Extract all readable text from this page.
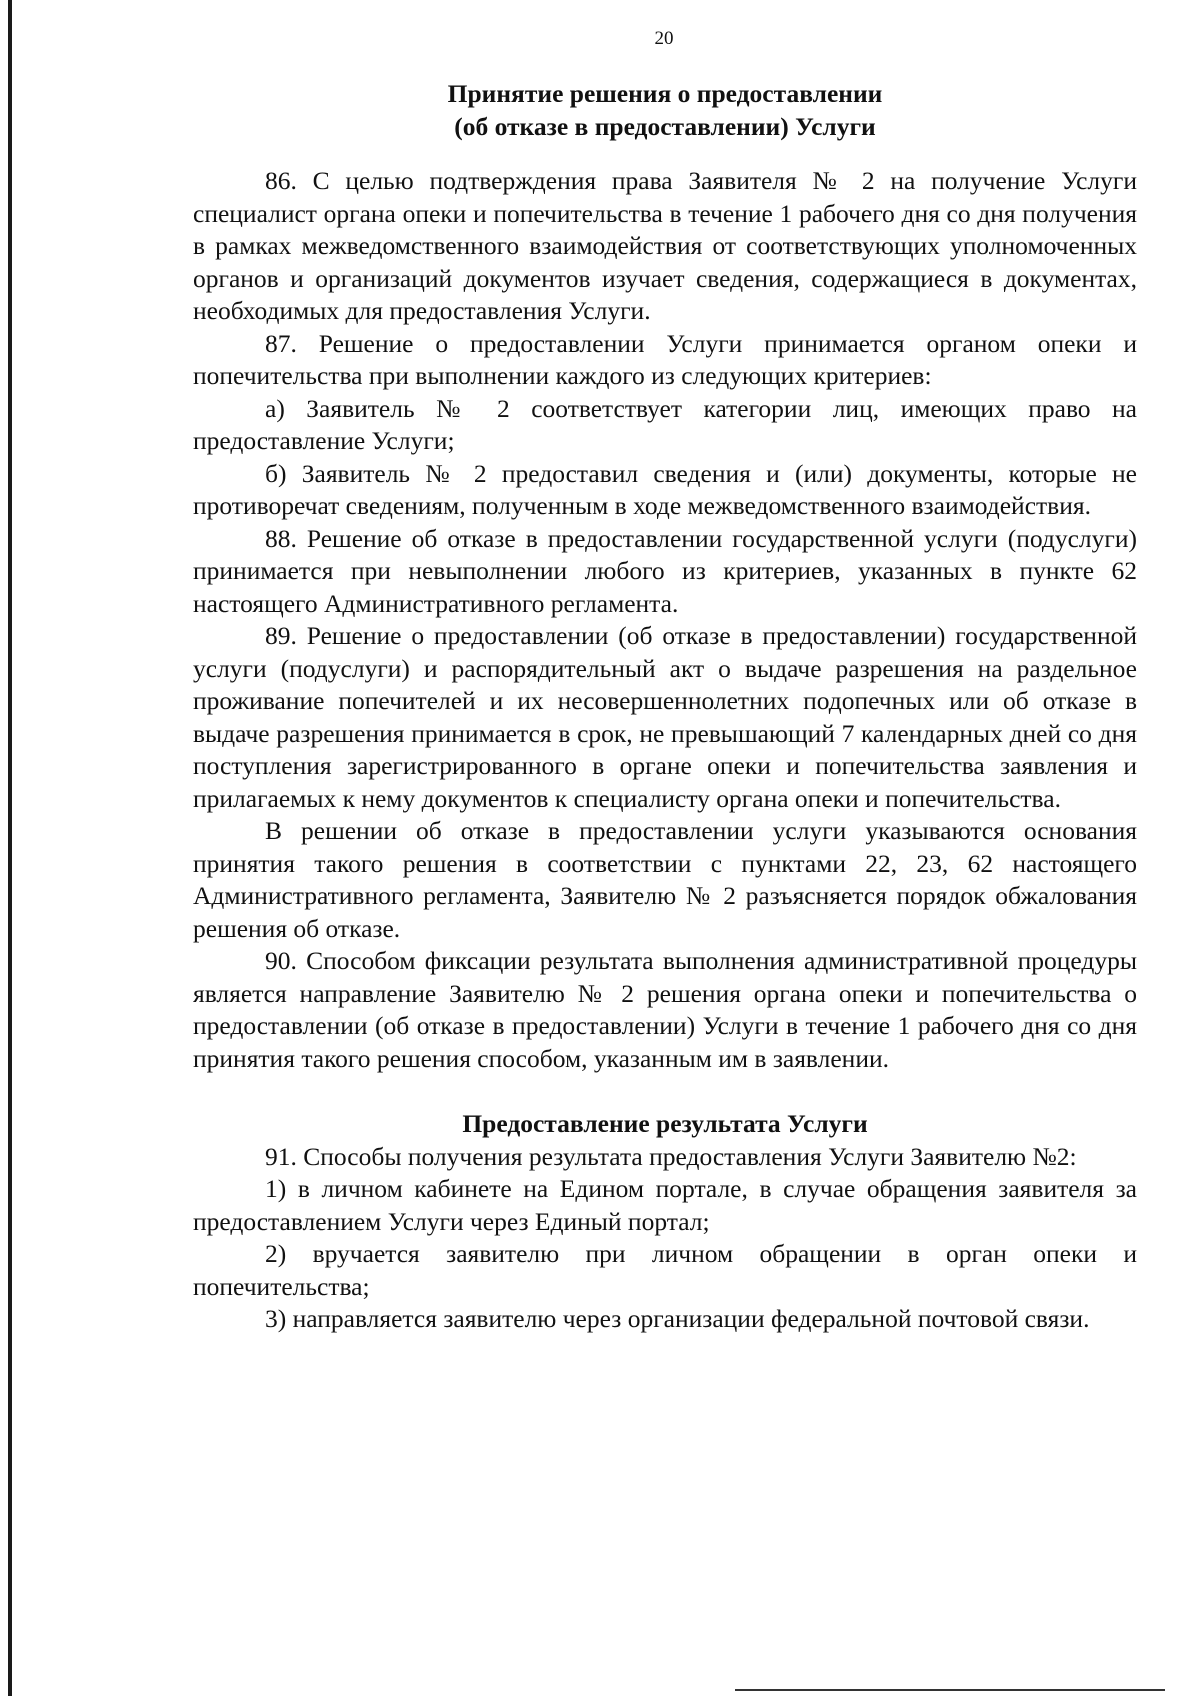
20

Принятие решения о предоставлении
(об отказе в предоставлении) Услуги

86. С целью подтверждения права Заявителя № 2 на получение Услуги специалист органа опеки и попечительства в течение 1 рабочего дня со дня получения в рамках межведомственного взаимодействия от соответствующих уполномоченных органов и организаций документов изучает сведения, содержащиеся в документах, необходимых для предоставления Услуги.

87. Решение о предоставлении Услуги принимается органом опеки и попечительства при выполнении каждого из следующих критериев:

а) Заявитель № 2 соответствует категории лиц, имеющих право на предоставление Услуги;

б) Заявитель № 2 предоставил сведения и (или) документы, которые не противоречат сведениям, полученным в ходе межведомственного взаимодействия.

88. Решение об отказе в предоставлении государственной услуги (подуслуги) принимается при невыполнении любого из критериев, указанных в пункте 62 настоящего Административного регламента.

89. Решение о предоставлении (об отказе в предоставлении) государственной услуги (подуслуги) и распорядительный акт о выдаче разрешения на раздельное проживание попечителей и их несовершеннолетних подопечных или об отказе в выдаче разрешения принимается в срок, не превышающий 7 календарных дней со дня поступления зарегистрированного в органе опеки и попечительства заявления и прилагаемых к нему документов к специалисту органа опеки и попечительства.

В решении об отказе в предоставлении услуги указываются основания принятия такого решения в соответствии с пунктами 22, 23, 62 настоящего Административного регламента, Заявителю № 2 разъясняется порядок обжалования решения об отказе.

90. Способом фиксации результата выполнения административной процедуры является направление Заявителю № 2 решения органа опеки и попечительства о предоставлении (об отказе в предоставлении) Услуги в течение 1 рабочего дня со дня принятия такого решения способом, указанным им в заявлении.

Предоставление результата Услуги

91. Способы получения результата предоставления Услуги Заявителю №2:

1) в личном кабинете на Едином портале, в случае обращения заявителя за предоставлением Услуги через Единый портал;

2) вручается заявителю при личном обращении в орган опеки и попечительства;

3) направляется заявителю через организации федеральной почтовой связи.
